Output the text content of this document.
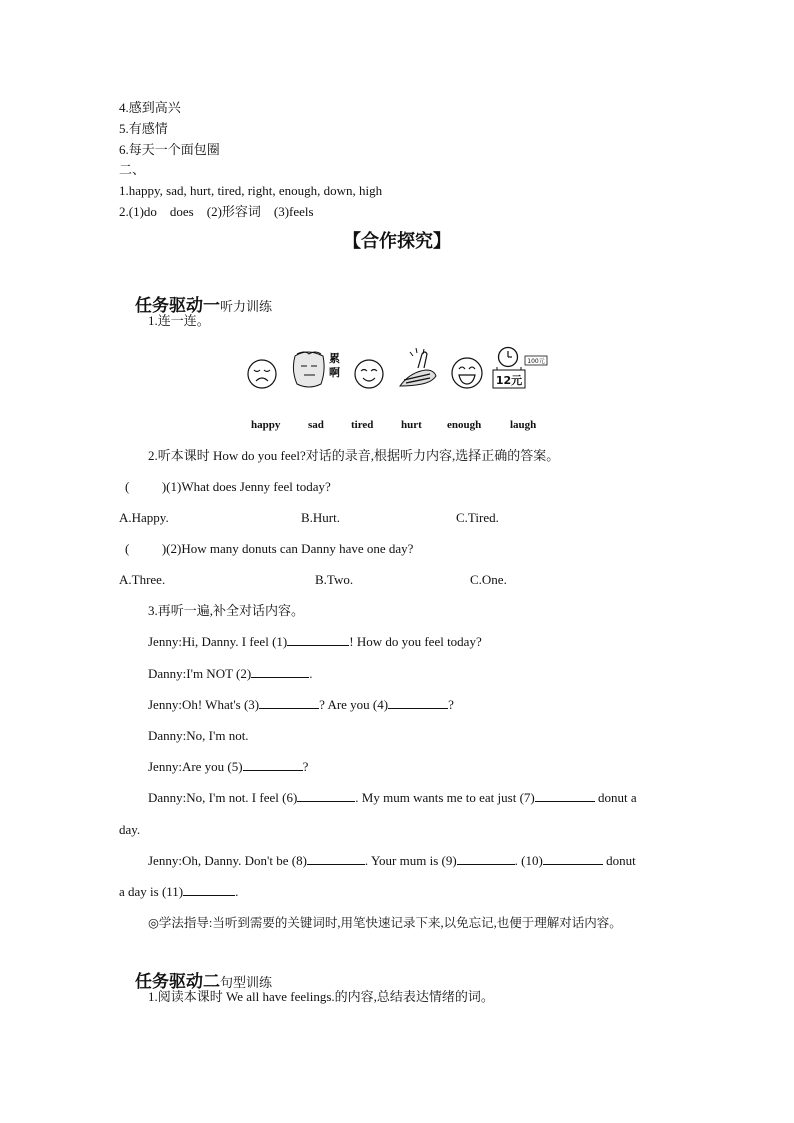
4.感到高兴
5.有感情
6.每天一个面包圈
二、
1.happy, sad, hurt, tired, right, enough, down, high
2.(1)do    does    (2)形容词    (3)feels
【合作探究】

任务驱动一听力训练

1.连一连。
累
啊
12元
100元
happy	sad tired	hurt enough	laugh
2.听本课时 How do you feel?对话的录音,根据听力内容,选择正确的答案。
(          )(1)What does Jenny feel today?
A.Happy.	B.Hurt.	C.Tired.
(          )(2)How many donuts can Danny have one day?
A.Three.	B.Two.	C.One.
3.再听一遍,补全对话内容。
Jenny:Hi, Danny. I feel (1)	! How do you feel today?
Danny:I'm NOT (2)	.
Jenny:Oh! What's (3)	? Are you (4)	?
Danny:No, I'm not.
Jenny:Are you (5)	?
Danny:No, I'm not. I feel (6)	. My mum wants me to eat just (7)	donut a
day.
Jenny:Oh, Danny. Don't be (8)	. Your mum is (9)	. (10)	donut
a day is (11)	.
◎学法指导:当听到需要的关键词时,用笔快速记录下来,以免忘记,也便于理解对话内容。

任务驱动二句型训练

1.阅读本课时 We all have feelings.的内容,总结表达情绪的词。
